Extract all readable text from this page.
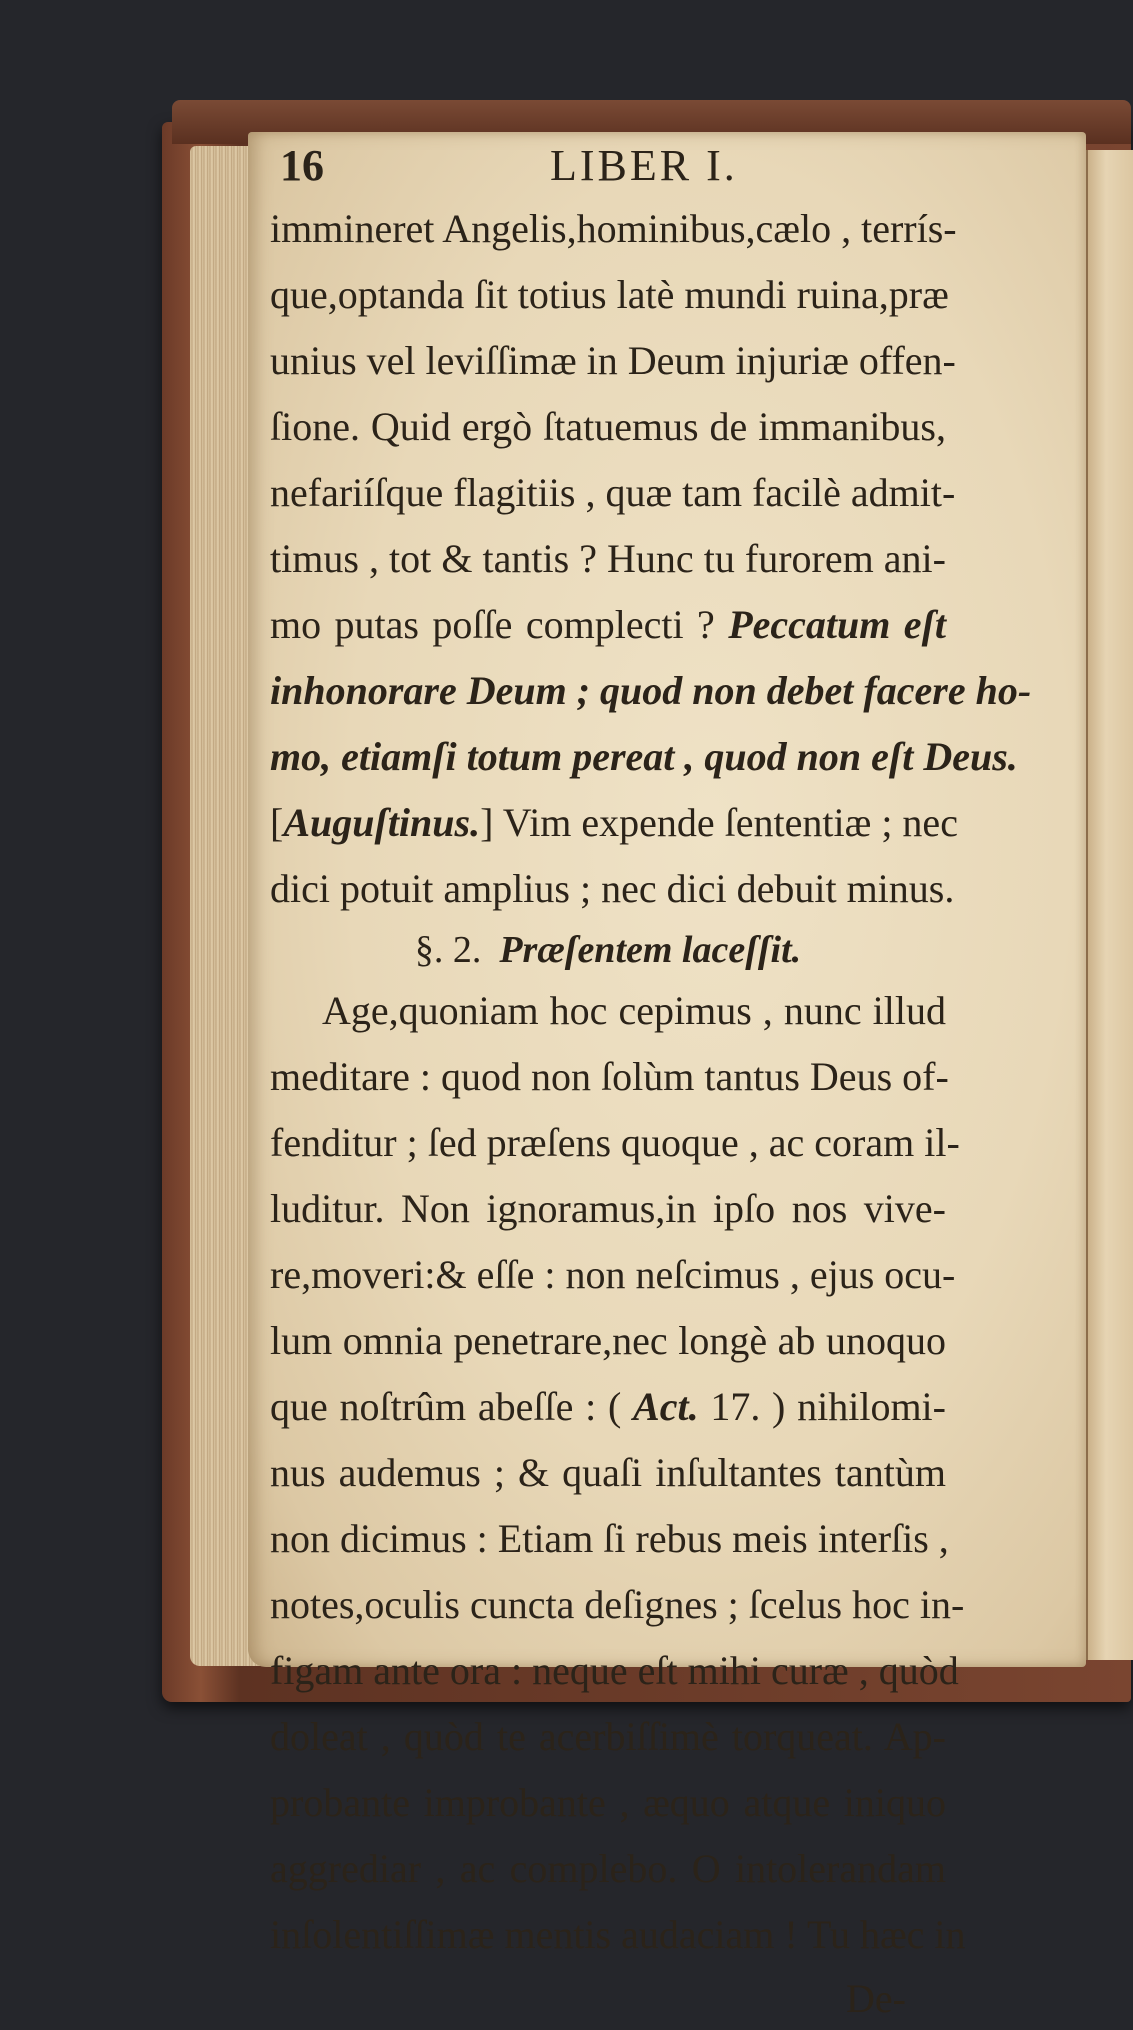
16	LIBER I.
immineret Angelis,hominibus,cælo , terrís-
que,optanda ſit totius latè mundi ruina,præ
unius vel leviſſimæ in Deum injuriæ offen-
ſione. Quid ergò ſtatuemus de immanibus,
nefariíſque flagitiis , quæ tam facilè admit-
timus , tot & tantis ? Hunc tu furorem ani-
mo putas poſſe complecti ? Peccatum eſt
inhonorare Deum ; quod non debet facere ho-
mo, etiamſi totum pereat , quod non eſt Deus.
[Auguſtinus.] Vim expende ſententiæ ; nec
dici potuit amplius ; nec dici debuit minus.
§. 2. Præſentem laceſſit.
Age,quoniam hoc cepimus , nunc illud
meditare : quod non ſolùm tantus Deus of-
fenditur ; ſed præſens quoque , ac coram il-
luditur. Non ignoramus,in ipſo nos vive-
re,moveri:& eſſe : non neſcimus , ejus ocu-
lum omnia penetrare,nec longè ab unoquo
que noſtrûm abeſſe : ( Act. 17. ) nihilomi-
nus audemus ; & quaſi inſultantes tantùm
non dicimus : Etiam ſi rebus meis interſis ,
notes,oculis cuncta deſignes ; ſcelus hoc in-
figam ante ora : neque eſt mihi curæ , quòd
doleat , quòd te acerbiſſimè torqueat. Ap-
probante improbante , æquo atque iniquo
aggrediar , ac complebo. O intolerandam
inſolentiſſimæ mentis audaciam ! Tu hæc in
De-
